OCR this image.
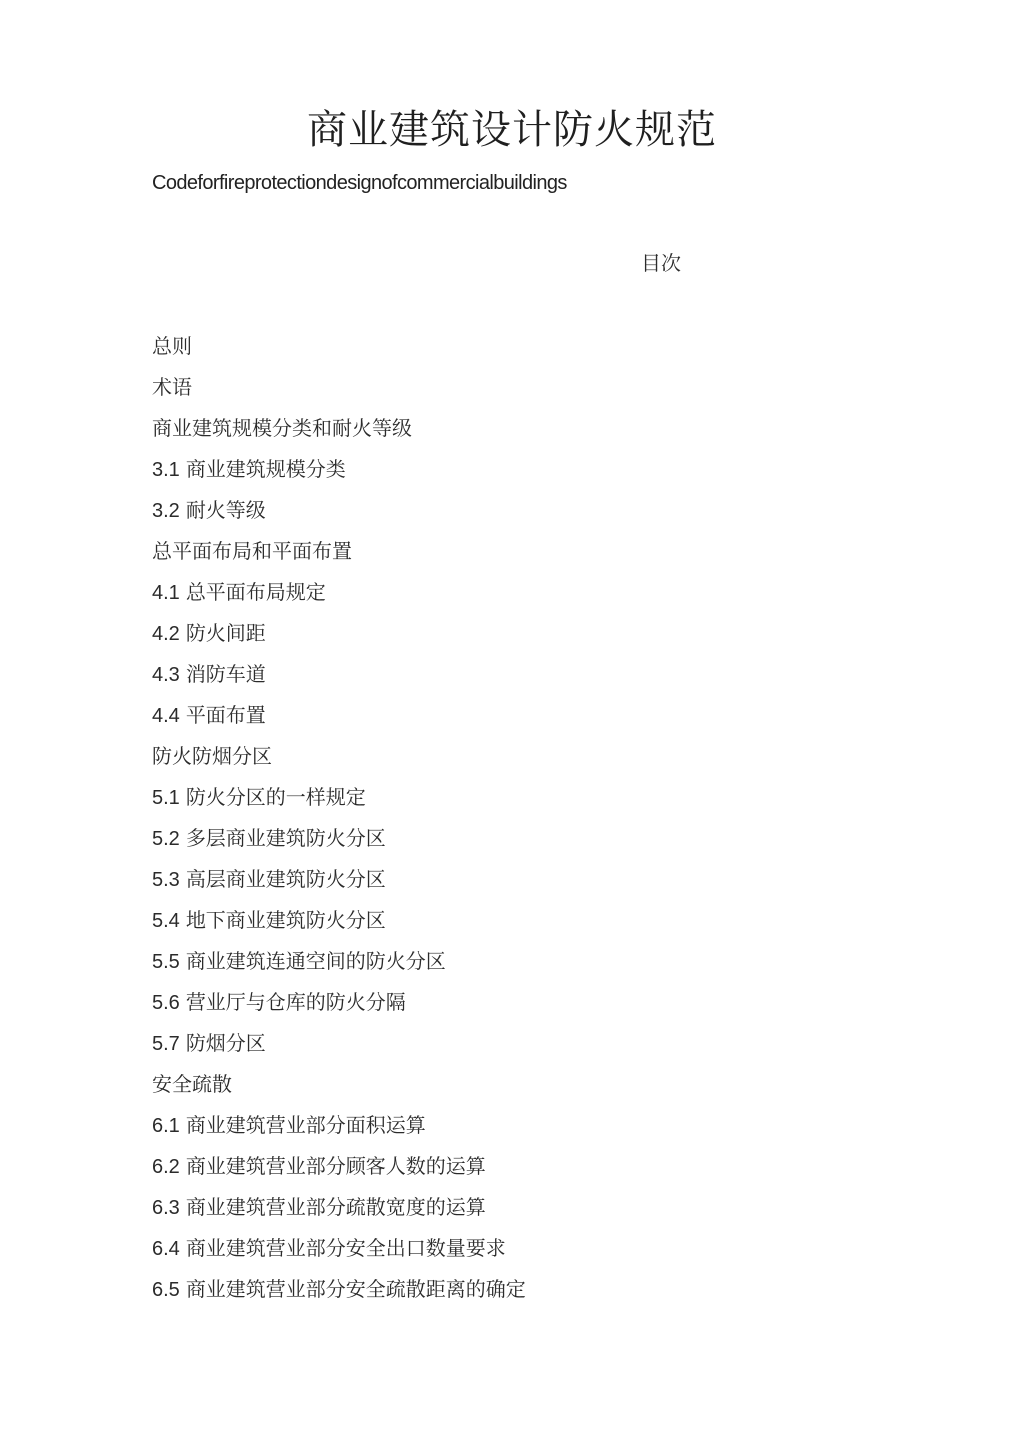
商业建筑设计防火规范
Codeforfireprotectiondesignofcommercialbuildings
目次
总则
术语
商业建筑规模分类和耐火等级
3.1 商业建筑规模分类
3.2 耐火等级
总平面布局和平面布置
4.1 总平面布局规定
4.2 防火间距
4.3 消防车道
4.4 平面布置
防火防烟分区
5.1 防火分区的一样规定
5.2 多层商业建筑防火分区
5.3 高层商业建筑防火分区
5.4 地下商业建筑防火分区
5.5 商业建筑连通空间的防火分区
5.6 营业厅与仓库的防火分隔
5.7 防烟分区
安全疏散
6.1 商业建筑营业部分面积运算
6.2 商业建筑营业部分顾客人数的运算
6.3 商业建筑营业部分疏散宽度的运算
6.4 商业建筑营业部分安全出口数量要求
6.5 商业建筑营业部分安全疏散距离的确定
